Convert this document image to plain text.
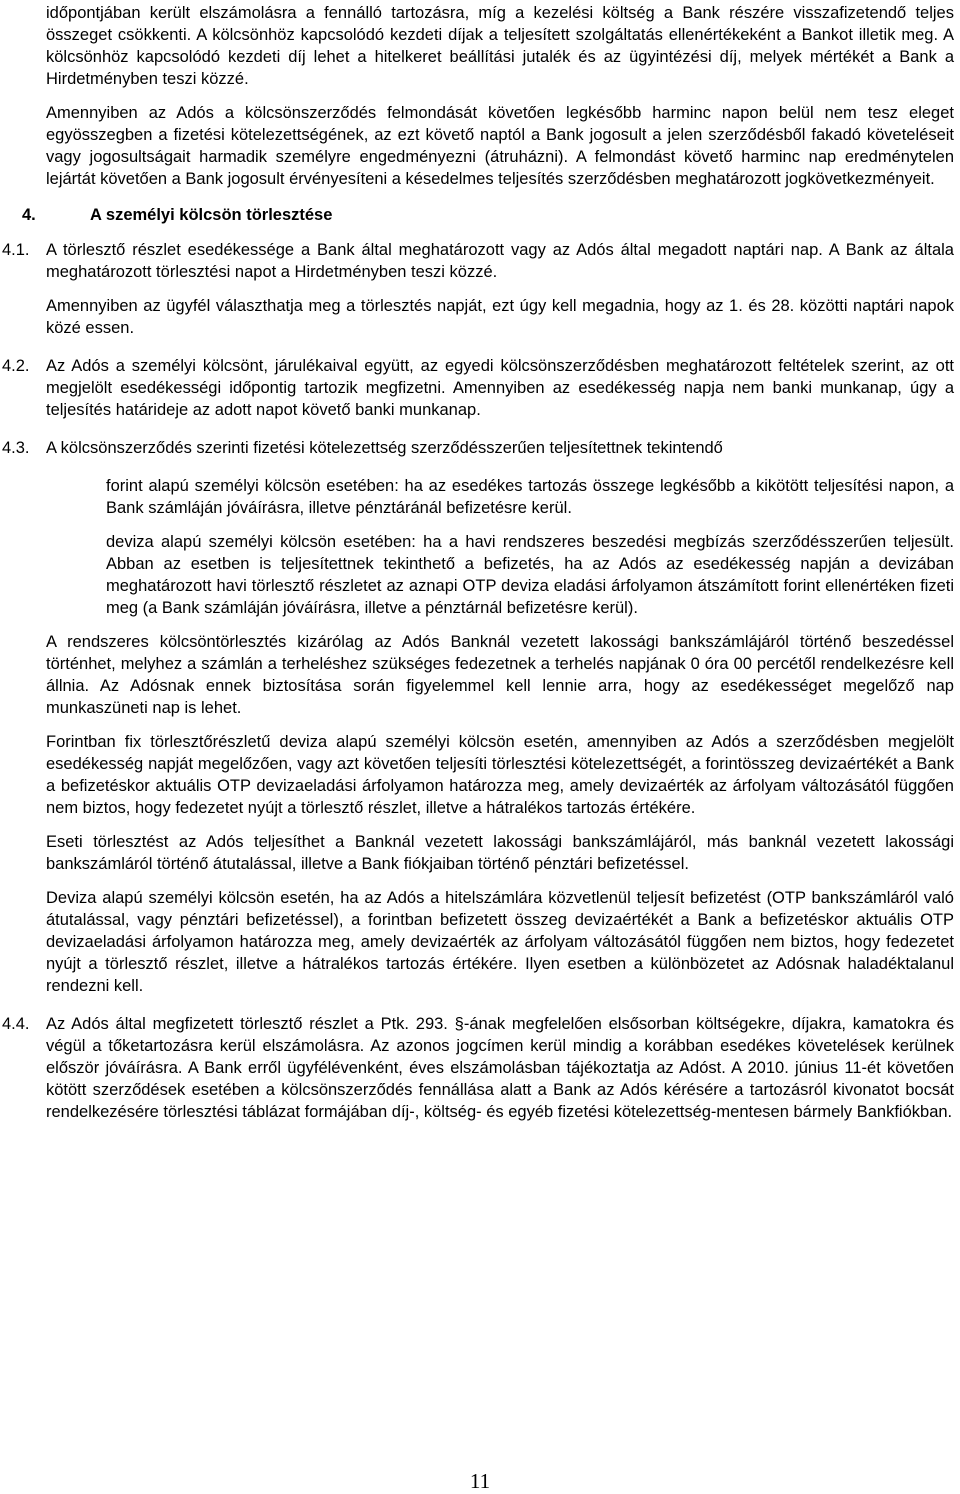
időpontjában került elszámolásra a fennálló tartozásra, míg a kezelési költség a Bank részére visszafizetendő teljes összeget csökkenti. A kölcsönhöz kapcsolódó kezdeti díjak a teljesített szolgáltatás ellenértékeként a Bankot illetik meg. A kölcsönhöz kapcsolódó kezdeti díj lehet a hitelkeret beállítási jutalék és az ügyintézési díj, melyek mértékét a Bank a Hirdetményben teszi közzé.

Amennyiben az Adós a kölcsönszerződés felmondását követően legkésőbb harminc napon belül nem tesz eleget egyösszegben a fizetési kötelezettségének, az ezt követő naptól a Bank jogosult a jelen szerződésből fakadó követeléseit vagy jogosultságait harmadik személyre engedményezni (átruházni). A felmondást követő harminc nap eredménytelen lejártát követően a Bank jogosult érvényesíteni a késedelmes teljesítés szerződésben meghatározott jogkövetkezményeit.

4.	A személyi kölcsön törlesztése
4.1. A törlesztő részlet esedékessége a Bank által meghatározott vagy az Adós által megadott naptári nap. A Bank az általa meghatározott törlesztési napot a Hirdetményben teszi közzé.

Amennyiben az ügyfél választhatja meg a törlesztés napját, ezt úgy kell megadnia, hogy az 1. és 28. közötti naptári napok közé essen.

4.2. Az Adós a személyi kölcsönt, járulékaival együtt, az egyedi kölcsönszerződésben meghatározott feltételek szerint, az ott megjelölt esedékességi időpontig tartozik megfizetni. Amennyiben az esedékesség napja nem banki munkanap, úgy a teljesítés határideje az adott napot követő banki munkanap.
4.3. A kölcsönszerződés szerinti fizetési kötelezettség szerződésszerűen teljesítettnek tekintendő

forint alapú személyi kölcsön esetében: ha az esedékes tartozás összege legkésőbb a kikötött teljesítési napon, a Bank számláján jóváírásra, illetve pénztáránál befizetésre kerül.

deviza alapú személyi kölcsön esetében: ha a havi rendszeres beszedési megbízás szerződésszerűen teljesült. Abban az esetben is teljesítettnek tekinthető a befizetés, ha az Adós az esedékesség napján a devizában meghatározott havi törlesztő részletet az aznapi OTP deviza eladási árfolyamon átszámított forint ellenértéken fizeti meg (a Bank számláján jóváírásra, illetve a pénztárnál befizetésre kerül).

A rendszeres kölcsöntörlesztés kizárólag az Adós Banknál vezetett lakossági bankszámlájáról történő beszedéssel történhet, melyhez a számlán a terheléshez szükséges fedezetnek a terhelés napjának 0 óra 00 percétől rendelkezésre kell állnia. Az Adósnak ennek biztosítása során figyelemmel kell lennie arra, hogy az esedékességet megelőző nap munkaszüneti nap is lehet.

Forintban fix törlesztőrészletű deviza alapú személyi kölcsön esetén, amennyiben az Adós a szerződésben megjelölt esedékesség napját megelőzően, vagy azt követően teljesíti törlesztési kötelezettségét, a forintösszeg devizaértékét a Bank a befizetéskor aktuális OTP devizaeladási árfolyamon határozza meg, amely devizaérték az árfolyam változásától függően nem biztos, hogy fedezetet nyújt a törlesztő részlet, illetve a hátralékos tartozás értékére.

Eseti törlesztést az Adós teljesíthet a Banknál vezetett lakossági bankszámlájáról, más banknál vezetett lakossági bankszámláról történő átutalással, illetve a Bank fiókjaiban történő pénztári befizetéssel.

Deviza alapú személyi kölcsön esetén, ha az Adós a hitelszámlára közvetlenül teljesít befizetést (OTP bankszámláról való átutalással, vagy pénztári befizetéssel), a forintban befizetett összeg devizaértékét a Bank a befizetéskor aktuális OTP devizaeladási árfolyamon határozza meg, amely devizaérték az árfolyam változásától függően nem biztos, hogy fedezetet nyújt a törlesztő részlet, illetve a hátralékos tartozás értékére. Ilyen esetben a különbözetet az Adósnak haladéktalanul rendezni kell.

4.4. Az Adós által megfizetett törlesztő részlet a Ptk. 293. §-ának megfelelően elsősorban költségekre, díjakra, kamatokra és végül a tőketartozásra kerül elszámolásra. Az azonos jogcímen kerül mindig a korábban esedékes követelések kerülnek először jóváírásra. A Bank erről ügyfélévenként, éves elszámolásban tájékoztatja az Adóst. A 2010. június 11-ét követően kötött szerződések esetében a kölcsönszerződés fennállása alatt a Bank az Adós kérésére a tartozásról kivonatot bocsát rendelkezésére törlesztési táblázat formájában díj-, költség- és egyéb fizetési kötelezettség-mentesen bármely Bankfiókban.
11
